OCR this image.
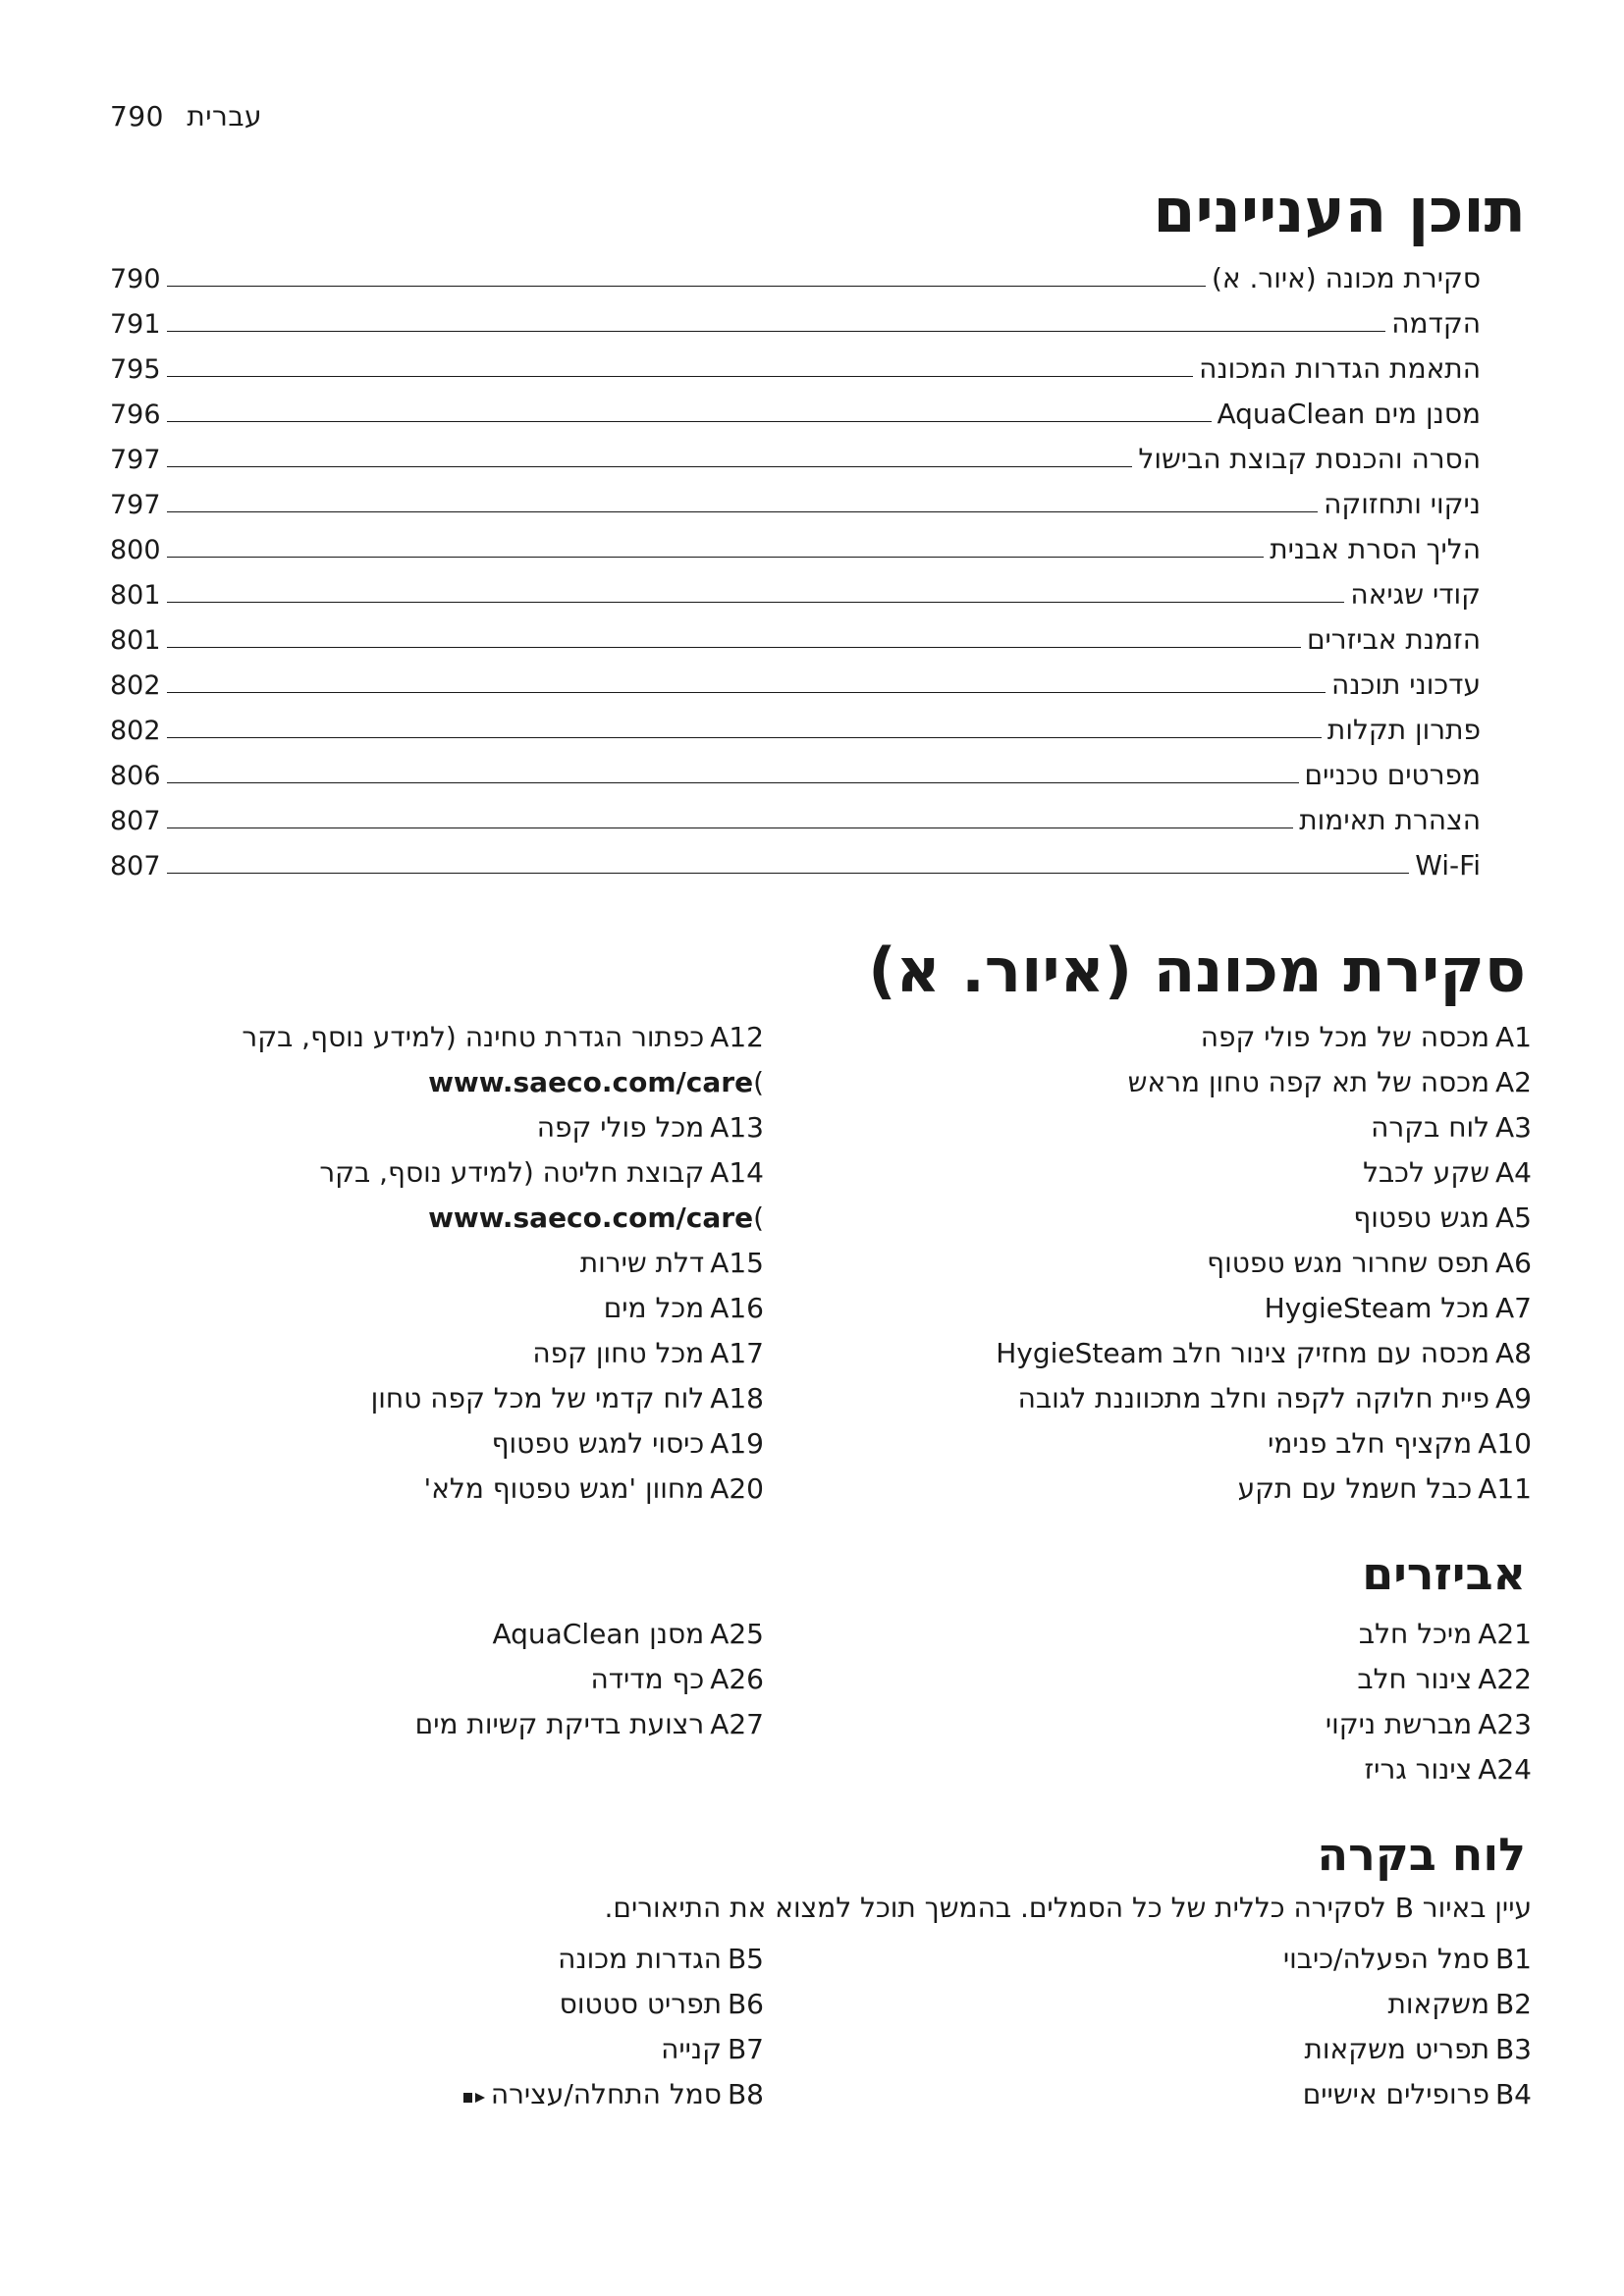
790 עברית
תוכן העניינים
סקירת מכונה (איור. א)
790
הקדמה
791
התאמת הגדרות המכונה
795
מסנן מים AquaClean
796
הסרה והכנסת קבוצת הבישול
797
ניקוי ותחזוקה
797
הליך הסרת אבנית
800
קודי שגיאה
801
הזמנת אביזרים
801
עדכוני תוכנה
802
פתרון תקלות
802
מפרטים טכניים
806
הצהרת תאימות
807
Wi-Fi
807
סקירת מכונה (איור. א)
A1מכסה של מכל פולי קפה
A2מכסה של תא קפה טחון מראש
A3לוח בקרה
A4שקע לכבל
A5מגש טפטוף
A6תפס שחרור מגש טפטוף
A7מכל HygieSteam
A8מכסה עם מחזיק צינור חלב HygieSteam
A9פיית חלוקה לקפה וחלב מתכווננת לגובה
A10מקציף חלב פנימי
A11כבל חשמל עם תקע
A12כפתור הגדרת טחינה (למידע נוסף, בקר
)www.saeco.com/care
A13מכל פולי קפה
A14קבוצת חליטה (למידע נוסף, בקר
)www.saeco.com/care
A15דלת שירות
A16מכל מים
A17מכל טחון קפה
A18לוח קדמי של מכל קפה טחון
A19כיסוי למגש טפטוף
A20מחוון 'מגש טפטוף מלא'
אביזרים
A21מיכל חלב
A22צינור חלב
A23מברשת ניקוי
A24צינור גריז
A25מסנן AquaClean
A26כף מדידה
A27רצועת בדיקת קשיות מים
לוח בקרה
עיין באיור B לסקירה כללית של כל הסמלים. בהמשך תוכל למצוא את התיאורים.
B1סמל הפעלה/כיבוי
B2משקאות
B3תפריט משקאות
B4פרופילים אישיים
B5הגדרות מכונה
B6תפריט סטטוס
B7קנייה
B8סמל התחלה/עצירה
